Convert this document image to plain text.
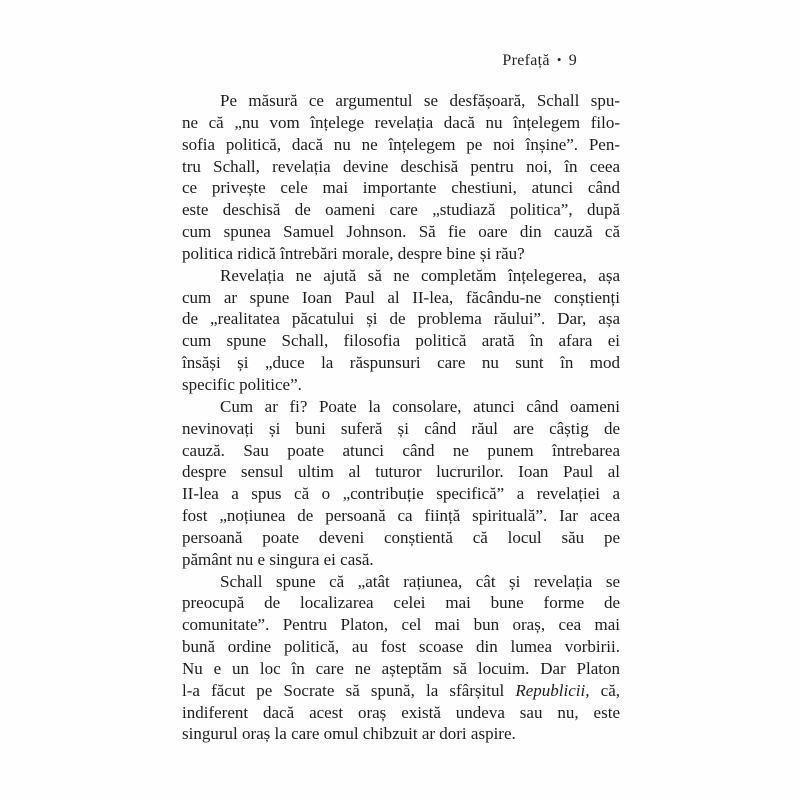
Prefață • 9
Pe măsură ce argumentul se desfășoară, Schall spu-
ne că „nu vom înțelege revelația dacă nu înțelegem filo-
sofia politică, dacă nu ne înțelegem pe noi înșine”. Pen-
tru Schall, revelația devine deschisă pentru noi, în ceea
ce privește cele mai importante chestiuni, atunci când
este deschisă de oameni care „studiază politica”, după
cum spunea Samuel Johnson. Să fie oare din cauză că
politica ridică întrebări morale, despre bine și rău?
Revelația ne ajută să ne completăm înțelegerea, așa
cum ar spune Ioan Paul al II-lea, făcându-ne conștienți
de „realitatea păcatului și de problema răului”. Dar, așa
cum spune Schall, filosofia politică arată în afara ei
însăși și „duce la răspunsuri care nu sunt în mod
specific politice”.
Cum ar fi? Poate la consolare, atunci când oameni
nevinovați și buni suferă și când răul are câștig de
cauză. Sau poate atunci când ne punem întrebarea
despre sensul ultim al tuturor lucrurilor. Ioan Paul al
II-lea a spus că o „contribuție specifică” a revelației a
fost „noțiunea de persoană ca ființă spirituală”. Iar acea
persoană poate deveni conștientă că locul său pe
pământ nu e singura ei casă.
Schall spune că „atât rațiunea, cât și revelația se
preocupă de localizarea celei mai bune forme de
comunitate”. Pentru Platon, cel mai bun oraș, cea mai
bună ordine politică, au fost scoase din lumea vorbirii.
Nu e un loc în care ne așteptăm să locuim. Dar Platon
l-a făcut pe Socrate să spună, la sfârșitul Republicii, că,
indiferent dacă acest oraș există undeva sau nu, este
singurul oraș la care omul chibzuit ar dori aspire.
